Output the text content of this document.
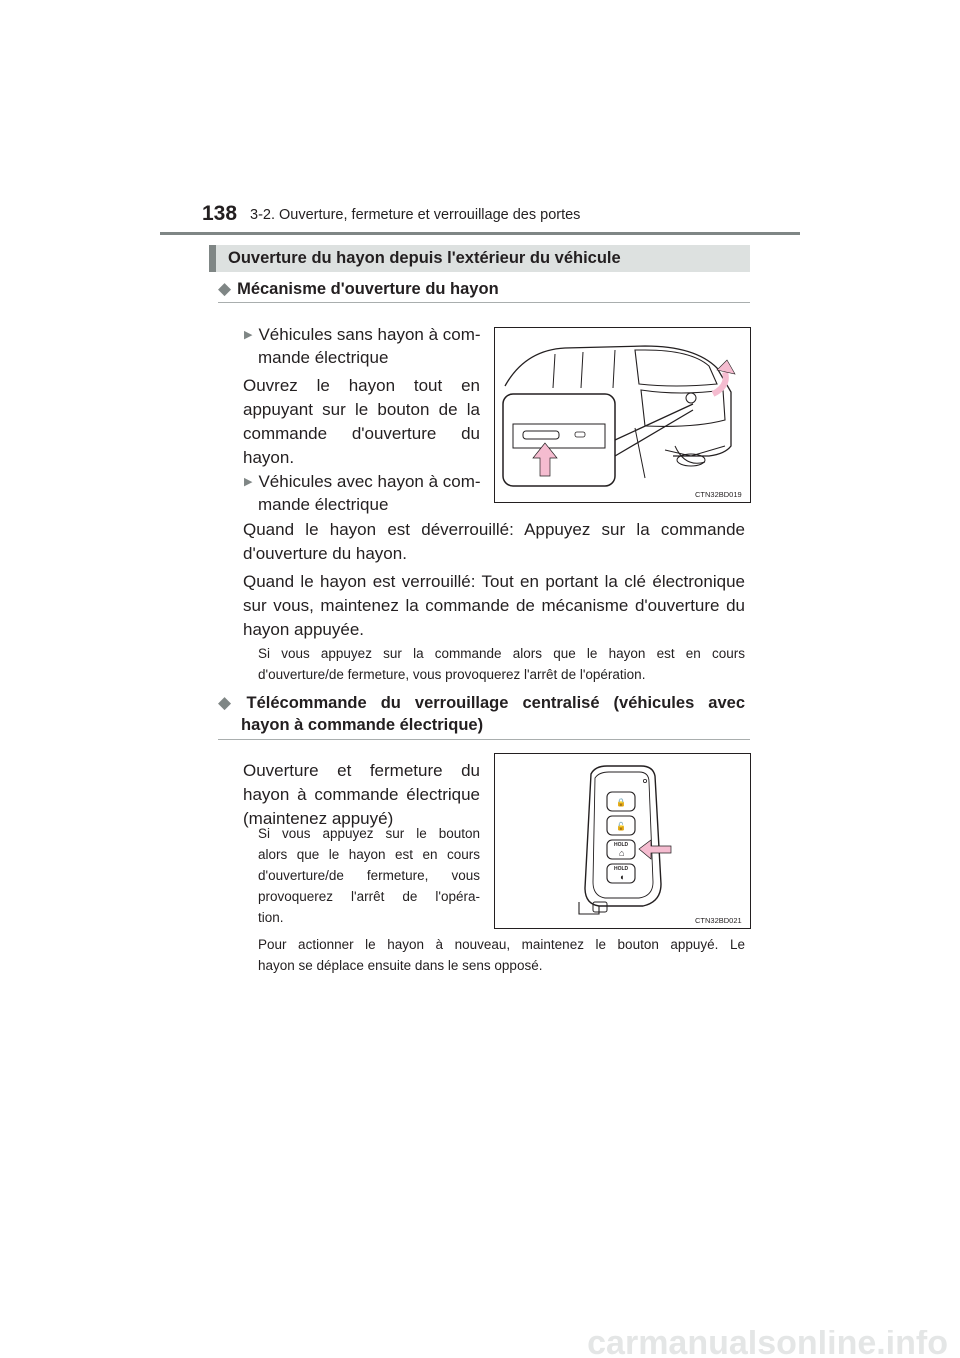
138 3-2. Ouverture, fermeture et verrouillage des portes
Ouverture du hayon depuis l'extérieur du véhicule
◆ Mécanisme d'ouverture du hayon
▶ Véhicules sans hayon à com-
mande électrique
Ouvrez le hayon tout en
appuyant sur le bouton de la
commande d'ouverture du
hayon.
▶ Véhicules avec hayon à com-
mande électrique
CTN32BD019
Quand le hayon est déverrouillé: Appuyez sur la commande
d'ouverture du hayon.
Quand le hayon est verrouillé: Tout en portant la clé électronique
sur vous, maintenez la commande de mécanisme d'ouverture du
hayon appuyée.
Si vous appuyez sur la commande alors que le hayon est en cours
d'ouverture/de fermeture, vous provoquerez l'arrêt de l'opération.
◆ Télécommande du verrouillage centralisé (véhicules avec
hayon à commande électrique)
Ouverture et fermeture du
hayon à commande électrique
(maintenez appuyé)
Si vous appuyez sur le bouton
alors que le hayon est en cours
d'ouverture/de fermeture, vous
provoquerez l'arrêt de l'opéra-
tion.
🔒
🔓
HOLD
HOLD
⌂
◖
CTN32BD021
Pour actionner le hayon à nouveau, maintenez le bouton appuyé. Le
hayon se déplace ensuite dans le sens opposé.
carmanualsonline.info
